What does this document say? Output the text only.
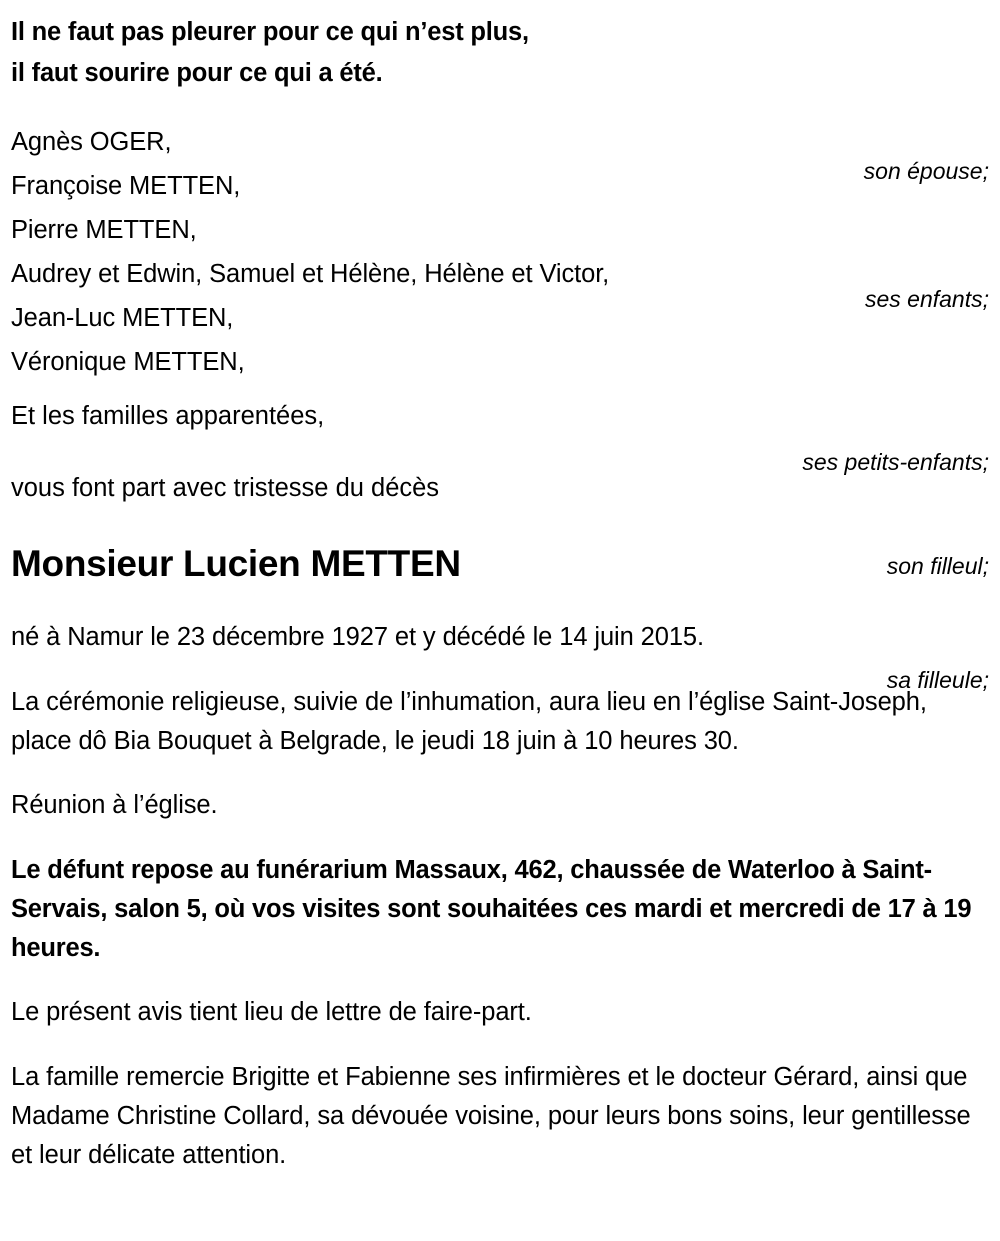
Il ne faut pas pleurer pour ce qui n’est plus,
il faut sourire pour ce qui a été.
Agnès OGER,
son épouse;
Françoise METTEN,
Pierre METTEN,
ses enfants;
Audrey et Edwin, Samuel et Hélène, Hélène et Victor,
ses petits-enfants;
Jean-Luc METTEN,
son filleul;
Véronique METTEN,
sa filleule;
Et les familles apparentées,
vous font part avec tristesse du décès
Monsieur Lucien METTEN

né à Namur le 23 décembre 1927 et y décédé le 14 juin 2015.

La cérémonie religieuse, suivie de l’inhumation, aura lieu en l’église Saint-Joseph, place dô Bia Bouquet à Belgrade, le jeudi 18 juin à 10 heures 30.

Réunion à l’église.

Le défunt repose au funérarium Massaux, 462, chaussée de Waterloo à Saint-Servais, salon 5, où vos visites sont souhaitées ces mardi et mercredi de 17 à 19 heures.

Le présent avis tient lieu de lettre de faire-part.

La famille remercie Brigitte et Fabienne ses infirmières et le docteur Gérard, ainsi que Madame Christine Collard, sa dévouée voisine, pour leurs bons soins, leur gentillesse et leur délicate attention.
